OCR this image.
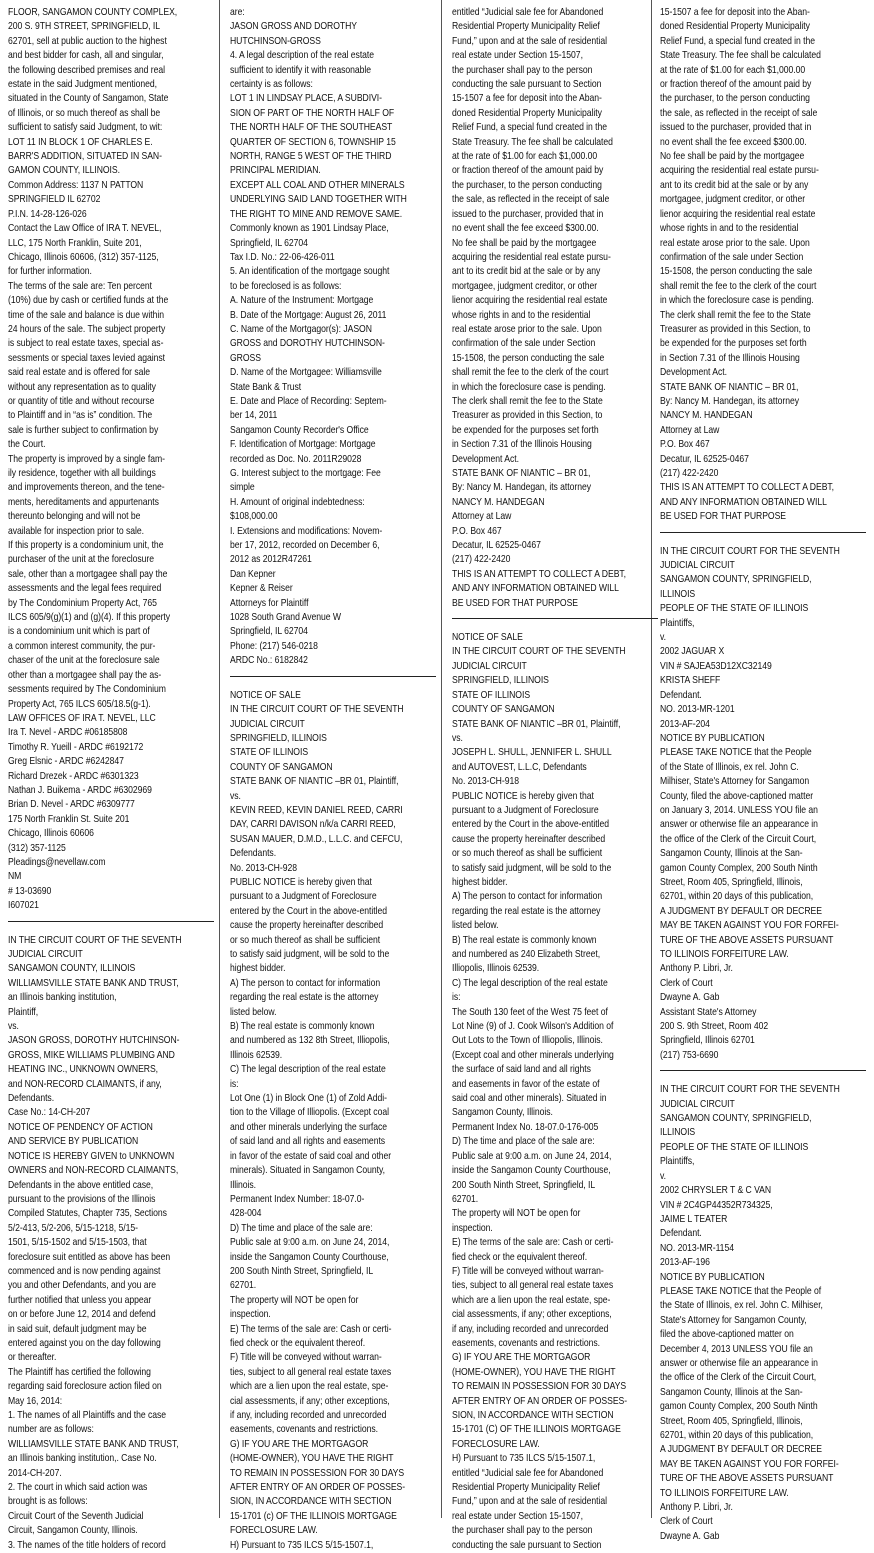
FLOOR, SANGAMON COUNTY COMPLEX,
200 S. 9TH STREET, SPRINGFIELD, IL
62701, sell at public auction to the highest
and best bidder for cash, all and singular,
the following described premises and real
estate in the said Judgment mentioned,
situated in the County of Sangamon, State
of Illinois, or so much thereof as shall be
sufficient to satisfy said Judgment, to wit:
LOT 11 IN BLOCK 1 OF CHARLES E.
BARR'S ADDITION, SITUATED IN SAN-
GAMON COUNTY, ILLINOIS.
Common Address: 1137 N PATTON
SPRINGFIELD IL 62702
P.I.N. 14-28-126-026
Contact the Law Office of IRA T. NEVEL,
LLC, 175 North Franklin, Suite 201,
Chicago, Illinois 60606, (312) 357-1125,
for further information.
The terms of the sale are: Ten percent
(10%) due by cash or certified funds at the
time of the sale and balance is due within
24 hours of the sale. The subject property
is subject to real estate taxes, special as-
sessments or special taxes levied against
said real estate and is offered for sale
without any representation as to quality
or quantity of title and without recourse
to Plaintiff and in “as is” condition. The
sale is further subject to confirmation by
the Court.
The property is improved by a single fam-
ily residence, together with all buildings
and improvements thereon, and the tene-
ments, hereditaments and appurtenants
thereunto belonging and will not be
available for inspection prior to sale.
If this property is a condominium unit, the
purchaser of the unit at the foreclosure
sale, other than a mortgagee shall pay the
assessments and the legal fees required
by The Condominium Property Act, 765
ILCS 605/9(g)(1) and (g)(4). If this property
is a condominium unit which is part of
a common interest community, the pur-
chaser of the unit at the foreclosure sale
other than a mortgagee shall pay the as-
sessments required by The Condominium
Property Act, 765 ILCS 605/18.5(g-1).
LAW OFFICES OF IRA T. NEVEL, LLC
Ira T. Nevel - ARDC #06185808
Timothy R. Yueill - ARDC #6192172
Greg Elsnic - ARDC #6242847
Richard Drezek - ARDC #6301323
Nathan J. Buikema - ARDC #6302969
Brian D. Nevel - ARDC #6309777
175 North Franklin St. Suite 201
Chicago, Illinois 60606
(312) 357-1125
Pleadings@nevellaw.com
NM
# 13-03690
I607021
IN THE CIRCUIT COURT OF THE SEVENTH
JUDICIAL CIRCUIT
SANGAMON COUNTY, ILLINOIS
WILLIAMSVILLE STATE BANK AND TRUST,
an Illinois banking institution,
Plaintiff,
vs.
JASON GROSS, DOROTHY HUTCHINSON-
GROSS, MIKE WILLIAMS PLUMBING AND
HEATING INC., UNKNOWN OWNERS,
and NON-RECORD CLAIMANTS, if any,
Defendants.
Case No.: 14-CH-207
NOTICE OF PENDENCY OF ACTION
AND SERVICE BY PUBLICATION
NOTICE IS HEREBY GIVEN to UNKNOWN
OWNERS and NON-RECORD CLAIMANTS,
Defendants in the above entitled case,
pursuant to the provisions of the Illinois
Compiled Statutes, Chapter 735, Sections
5/2-413, 5/2-206, 5/15-1218, 5/15-
1501, 5/15-1502 and 5/15-1503, that
foreclosure suit entitled as above has been
commenced and is now pending against
you and other Defendants, and you are
further notified that unless you appear
on or before June 12, 2014 and defend
in said suit, default judgment may be
entered against you on the day following
or thereafter.
The Plaintiff has certified the following
regarding said foreclosure action filed on
May 16, 2014:
1. The names of all Plaintiffs and the case
number are as follows:
WILLIAMSVILLE STATE BANK AND TRUST,
an Illinois banking institution,. Case No.
2014-CH-207.
2. The court in which said action was
brought is as follows:
Circuit Court of the Seventh Judicial
Circuit, Sangamon County, Illinois.
3. The names of the title holders of record
are:
JASON GROSS AND DOROTHY
HUTCHINSON-GROSS
4. A legal description of the real estate
sufficient to identify it with reasonable
certainty is as follows:
LOT 1 IN LINDSAY PLACE, A SUBDIVI-
SION OF PART OF THE NORTH HALF OF
THE NORTH HALF OF THE SOUTHEAST
QUARTER OF SECTION 6, TOWNSHIP 15
NORTH, RANGE 5 WEST OF THE THIRD
PRINCIPAL MERIDIAN.
EXCEPT ALL COAL AND OTHER MINERALS
UNDERLYING SAID LAND TOGETHER WITH
THE RIGHT TO MINE AND REMOVE SAME.
Commonly known as 1901 Lindsay Place,
Springfield, IL 62704
Tax I.D. No.: 22-06-426-011
5. An identification of the mortgage sought
to be foreclosed is as follows:
A. Nature of the Instrument: Mortgage
B. Date of the Mortgage: August 26, 2011
C. Name of the Mortgagor(s): JASON
GROSS and DOROTHY HUTCHINSON-
GROSS
D. Name of the Mortgagee: Williamsville
State Bank & Trust
E. Date and Place of Recording: Septem-
ber 14, 2011
Sangamon County Recorder's Office
F. Identification of Mortgage: Mortgage
recorded as Doc. No. 2011R29028
G. Interest subject to the mortgage: Fee
simple
H. Amount of original indebtedness:
$108,000.00
I. Extensions and modifications: Novem-
ber 17, 2012, recorded on December 6,
2012 as 2012R47261
Dan Kepner
Kepner & Reiser
Attorneys for Plaintiff
1028 South Grand Avenue W
Springfield, IL 62704
Phone: (217) 546-0218
ARDC No.: 6182842
NOTICE OF SALE
IN THE CIRCUIT COURT OF THE SEVENTH
JUDICIAL CIRCUIT
SPRINGFIELD, ILLINOIS
STATE OF ILLINOIS
COUNTY OF SANGAMON
STATE BANK OF NIANTIC –BR 01, Plaintiff,
vs.
KEVIN REED, KEVIN DANIEL REED, CARRI
DAY, CARRI DAVISON n/k/a CARRI REED,
SUSAN MAUER, D.M.D., L.L.C. and CEFCU,
Defendants.
No. 2013-CH-928
PUBLIC NOTICE is hereby given that
pursuant to a Judgment of Foreclosure
entered by the Court in the above-entitled
cause the property hereinafter described
or so much thereof as shall be sufficient
to satisfy said judgment, will be sold to the
highest bidder.
A) The person to contact for information
regarding the real estate is the attorney
listed below.
B) The real estate is commonly known
and numbered as 132 8th Street, Illiopolis,
Illinois 62539.
C) The legal description of the real estate
is:
Lot One (1) in Block One (1) of Zold Addi-
tion to the Village of Illiopolis. (Except coal
and other minerals underlying the surface
of said land and all rights and easements
in favor of the estate of said coal and other
minerals). Situated in Sangamon County,
Illinois.
Permanent Index Number: 18-07.0-
428-004
D) The time and place of the sale are:
Public sale at 9:00 a.m. on June 24, 2014,
inside the Sangamon County Courthouse,
200 South Ninth Street, Springfield, IL
62701.
The property will NOT be open for
inspection.
E) The terms of the sale are: Cash or certi-
fied check or the equivalent thereof.
F) Title will be conveyed without warran-
ties, subject to all general real estate taxes
which are a lien upon the real estate, spe-
cial assessments, if any; other exceptions,
if any, including recorded and unrecorded
easements, covenants and restrictions.
G) IF YOU ARE THE MORTGAGOR
(HOME-OWNER), YOU HAVE THE RIGHT
TO REMAIN IN POSSESSION FOR 30 DAYS
AFTER ENTRY OF AN ORDER OF POSSES-
SION, IN ACCORDANCE WITH SECTION
15-1701 (c) OF THE ILLINOIS MORTGAGE
FORECLOSURE LAW.
H) Pursuant to 735 ILCS 5/15-1507.1,
entitled “Judicial sale fee for Abandoned
Residential Property Municipality Relief
Fund,” upon and at the sale of residential
real estate under Section 15-1507,
the purchaser shall pay to the person
conducting the sale pursuant to Section
15-1507 a fee for deposit into the Aban-
doned Residential Property Municipality
Relief Fund, a special fund created in the
State Treasury. The fee shall be calculated
at the rate of $1.00 for each $1,000.00
or fraction thereof of the amount paid by
the purchaser, to the person conducting
the sale, as reflected in the receipt of sale
issued to the purchaser, provided that in
no event shall the fee exceed $300.00.
No fee shall be paid by the mortgagee
acquiring the residential real estate pursu-
ant to its credit bid at the sale or by any
mortgagee, judgment creditor, or other
lienor acquiring the residential real estate
whose rights in and to the residential
real estate arose prior to the sale. Upon
confirmation of the sale under Section
15-1508, the person conducting the sale
shall remit the fee to the clerk of the court
in which the foreclosure case is pending.
The clerk shall remit the fee to the State
Treasurer as provided in this Section, to
be expended for the purposes set forth
in Section 7.31 of the Illinois Housing
Development Act.
STATE BANK OF NIANTIC – BR 01,
By: Nancy M. Handegan, its attorney
NANCY M. HANDEGAN
Attorney at Law
P.O. Box 467
Decatur, IL 62525-0467
(217) 422-2420
THIS IS AN ATTEMPT TO COLLECT A DEBT,
AND ANY INFORMATION OBTAINED WILL
BE USED FOR THAT PURPOSE
NOTICE OF SALE
IN THE CIRCUIT COURT OF THE SEVENTH
JUDICIAL CIRCUIT
SPRINGFIELD, ILLINOIS
STATE OF ILLINOIS
COUNTY OF SANGAMON
STATE BANK OF NIANTIC –BR 01, Plaintiff,
vs.
JOSEPH L. SHULL, JENNIFER L. SHULL
and AUTOVEST, L.L.C, Defendants
No. 2013-CH-918
PUBLIC NOTICE is hereby given that
pursuant to a Judgment of Foreclosure
entered by the Court in the above-entitled
cause the property hereinafter described
or so much thereof as shall be sufficient
to satisfy said judgment, will be sold to the
highest bidder.
A) The person to contact for information
regarding the real estate is the attorney
listed below.
B) The real estate is commonly known
and numbered as 240 Elizabeth Street,
Illiopolis, Illinois 62539.
C) The legal description of the real estate
is:
The South 130 feet of the West 75 feet of
Lot Nine (9) of J. Cook Wilson's Addition of
Out Lots to the Town of Illiopolis, Illinois.
(Except coal and other minerals underlying
the surface of said land and all rights
and easements in favor of the estate of
said coal and other minerals). Situated in
Sangamon County, Illinois.
Permanent Index No. 18-07.0-176-005
D) The time and place of the sale are:
Public sale at 9:00 a.m. on June 24, 2014,
inside the Sangamon County Courthouse,
200 South Ninth Street, Springfield, IL
62701.
The property will NOT be open for
inspection.
E) The terms of the sale are: Cash or certi-
fied check or the equivalent thereof.
F) Title will be conveyed without warran-
ties, subject to all general real estate taxes
which are a lien upon the real estate, spe-
cial assessments, if any; other exceptions,
if any, including recorded and unrecorded
easements, covenants and restrictions.
G) IF YOU ARE THE MORTGAGOR
(HOME-OWNER), YOU HAVE THE RIGHT
TO REMAIN IN POSSESSION FOR 30 DAYS
AFTER ENTRY OF AN ORDER OF POSSES-
SION, IN ACCORDANCE WITH SECTION
15-1701 (C) OF THE ILLINOIS MORTGAGE
FORECLOSURE LAW.
H) Pursuant to 735 ILCS 5/15-1507.1,
entitled “Judicial sale fee for Abandoned
Residential Property Municipality Relief
Fund,” upon and at the sale of residential
real estate under Section 15-1507,
the purchaser shall pay to the person
conducting the sale pursuant to Section
15-1507 a fee for deposit into the Aban-
doned Residential Property Municipality
Relief Fund, a special fund created in the
State Treasury. The fee shall be calculated
at the rate of $1.00 for each $1,000.00
or fraction thereof of the amount paid by
the purchaser, to the person conducting
the sale, as reflected in the receipt of sale
issued to the purchaser, provided that in
no event shall the fee exceed $300.00.
No fee shall be paid by the mortgagee
acquiring the residential real estate pursu-
ant to its credit bid at the sale or by any
mortgagee, judgment creditor, or other
lienor acquiring the residential real estate
whose rights in and to the residential
real estate arose prior to the sale. Upon
confirmation of the sale under Section
15-1508, the person conducting the sale
shall remit the fee to the clerk of the court
in which the foreclosure case is pending.
The clerk shall remit the fee to the State
Treasurer as provided in this Section, to
be expended for the purposes set forth
in Section 7.31 of the Illinois Housing
Development Act.
STATE BANK OF NIANTIC – BR 01,
By: Nancy M. Handegan, its attorney
NANCY M. HANDEGAN
Attorney at Law
P.O. Box 467
Decatur, IL 62525-0467
(217) 422-2420
THIS IS AN ATTEMPT TO COLLECT A DEBT,
AND ANY INFORMATION OBTAINED WILL
BE USED FOR THAT PURPOSE
IN THE CIRCUIT COURT FOR THE SEVENTH
JUDICIAL CIRCUIT
SANGAMON COUNTY, SPRINGFIELD,
ILLINOIS
PEOPLE OF THE STATE OF ILLINOIS
Plaintiffs,
v.
2002 JAGUAR X
VIN # SAJEA53D12XC32149
KRISTA SHEFF
Defendant.
NO. 2013-MR-1201
2013-AF-204
NOTICE BY PUBLICATION
PLEASE TAKE NOTICE that the People
of the State of Illinois, ex rel. John C.
Milhiser, State's Attorney for Sangamon
County, filed the above-captioned matter
on January 3, 2014. UNLESS YOU file an
answer or otherwise file an appearance in
the office of the Clerk of the Circuit Court,
Sangamon County, Illinois at the San-
gamon County Complex, 200 South Ninth
Street, Room 405, Springfield, Illinois,
62701, within 20 days of this publication,
A JUDGMENT BY DEFAULT OR DECREE
MAY BE TAKEN AGAINST YOU FOR FORFEI-
TURE OF THE ABOVE ASSETS PURSUANT
TO ILLINOIS FORFEITURE LAW.
Anthony P. Libri, Jr.
Clerk of Court
Dwayne A. Gab
Assistant State's Attorney
200 S. 9th Street, Room 402
Springfield, Illinois 62701
(217) 753-6690
IN THE CIRCUIT COURT FOR THE SEVENTH
JUDICIAL CIRCUIT
SANGAMON COUNTY, SPRINGFIELD,
ILLINOIS
PEOPLE OF THE STATE OF ILLINOIS
Plaintiffs,
v.
2002 CHRYSLER T & C VAN
VIN # 2C4GP44352R734325,
JAIME L TEATER
Defendant.
NO. 2013-MR-1154
2013-AF-196
NOTICE BY PUBLICATION
PLEASE TAKE NOTICE that the People of
the State of Illinois, ex rel. John C. Milhiser,
State's Attorney for Sangamon County,
filed the above-captioned matter on
December 4, 2013 UNLESS YOU file an
answer or otherwise file an appearance in
the office of the Clerk of the Circuit Court,
Sangamon County, Illinois at the San-
gamon County Complex, 200 South Ninth
Street, Room 405, Springfield, Illinois,
62701, within 20 days of this publication,
A JUDGMENT BY DEFAULT OR DECREE
MAY BE TAKEN AGAINST YOU FOR FORFEI-
TURE OF THE ABOVE ASSETS PURSUANT
TO ILLINOIS FORFEITURE LAW.
Anthony P. Libri, Jr.
Clerk of Court
Dwayne A. Gab
